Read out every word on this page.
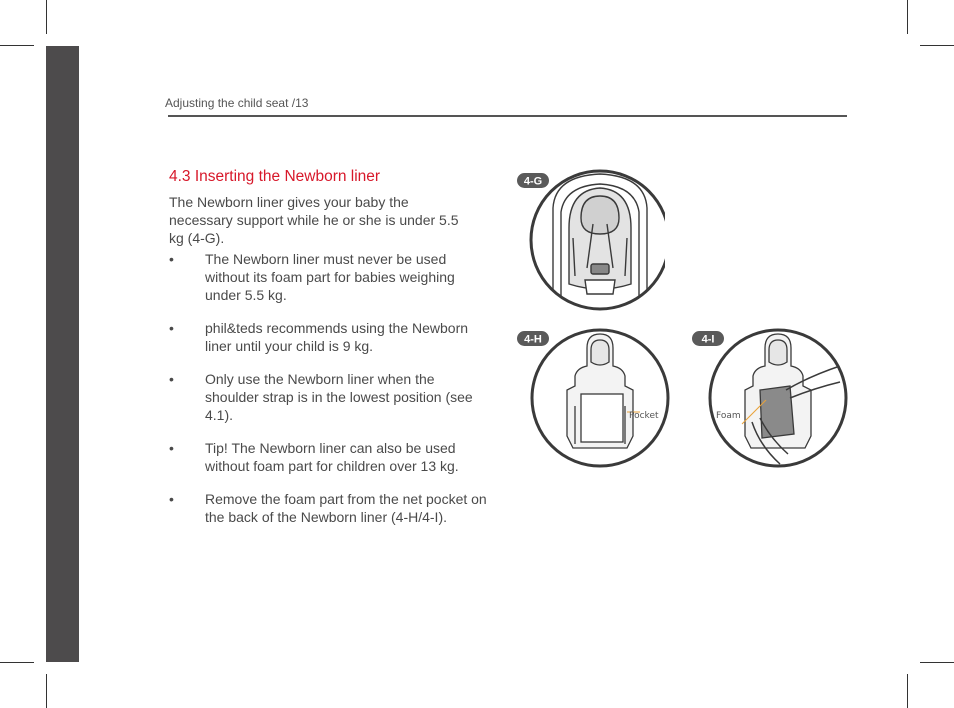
Adjusting the child seat /13
4.3 Inserting the Newborn liner
The Newborn liner gives your baby the necessary support while he or she is under 5.5 kg (4-G).
• The Newborn liner must never be used without its foam part for babies weighing under 5.5 kg.
• phil&teds recommends using the Newborn liner until your child is 9 kg.
• Only use the Newborn liner when the shoulder strap is in the lowest position (see 4.1).
• Tip! The Newborn liner can also be used without foam part for children over 13 kg.
• Remove the foam part from the net pocket on the back of the Newborn liner (4-H/4-I).
4-G
Pocket
4-H
Foam
4-I
